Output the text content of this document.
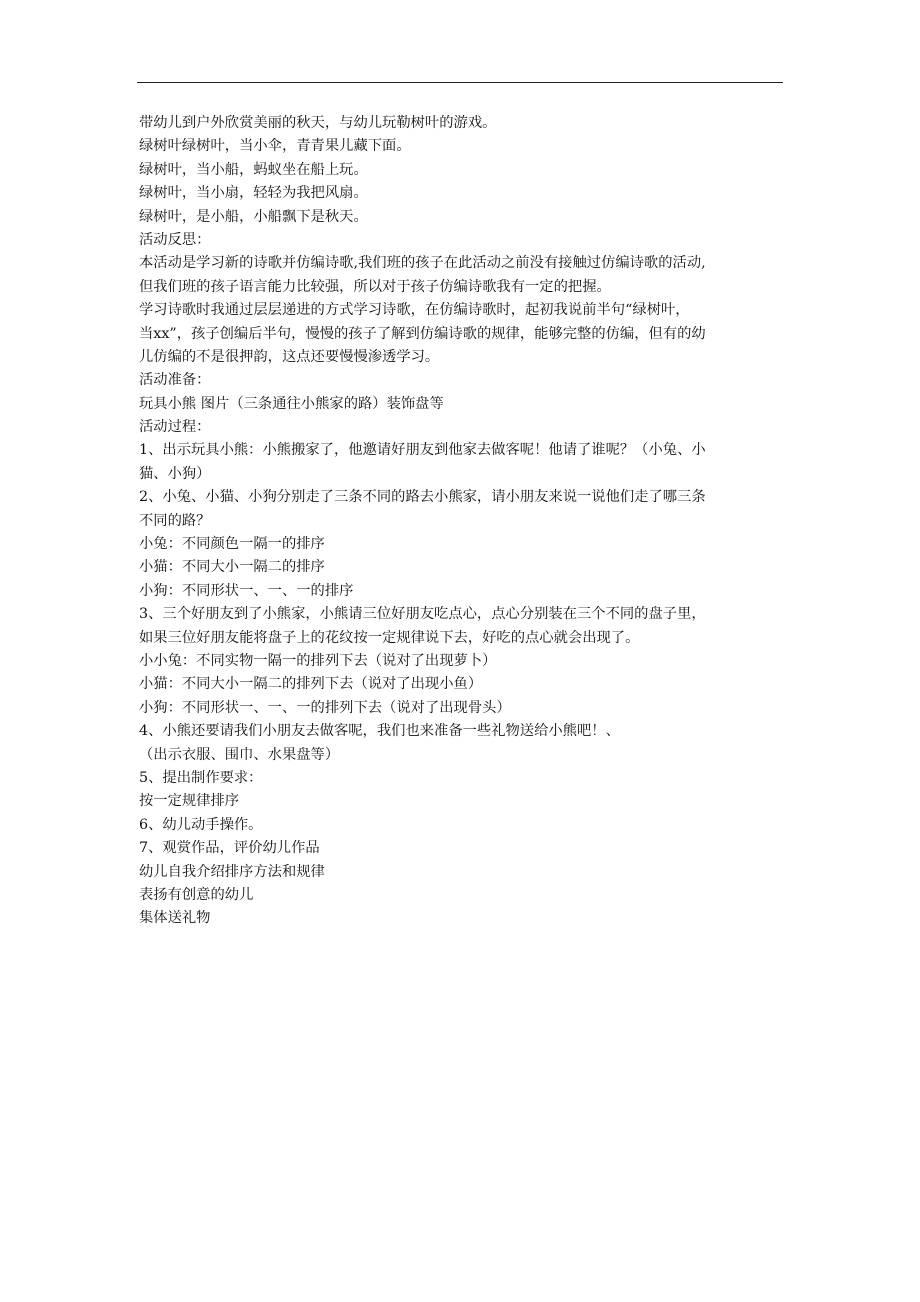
带幼儿到户外欣赏美丽的秋天，与幼儿玩勒树叶的游戏。
绿树叶绿树叶，当小伞，青青果儿藏下面。
绿树叶，当小船，蚂蚁坐在船上玩。
绿树叶，当小扇，轻轻为我把风扇。
绿树叶，是小船，小船飘下是秋天。
活动反思：
本活动是学习新的诗歌并仿编诗歌,我们班的孩子在此活动之前没有接触过仿编诗歌的活动,
但我们班的孩子语言能力比较强，所以对于孩子仿编诗歌我有一定的把握。
学习诗歌时我通过层层递进的方式学习诗歌，在仿编诗歌时，起初我说前半句“绿树叶，
当xx”，孩子创编后半句，慢慢的孩子了解到仿编诗歌的规律，能够完整的仿编，但有的幼
儿仿编的不是很押韵，这点还要慢慢渗透学习。
活动准备：
玩具小熊 图片（三条通往小熊家的路）装饰盘等
活动过程：
1、出示玩具小熊：小熊搬家了，他邀请好朋友到他家去做客呢！他请了谁呢？（小兔、小
猫、小狗）
2、小兔、小猫、小狗分别走了三条不同的路去小熊家，请小朋友来说一说他们走了哪三条
不同的路？
小兔：不同颜色一隔一的排序
小猫：不同大小一隔二的排序
小狗：不同形状一、一、一的排序
3、三个好朋友到了小熊家，小熊请三位好朋友吃点心，点心分别装在三个不同的盘子里，
如果三位好朋友能将盘子上的花纹按一定规律说下去，好吃的点心就会出现了。
小小兔：不同实物一隔一的排列下去（说对了出现萝卜）
小猫：不同大小一隔二的排列下去（说对了出现小鱼）
小狗：不同形状一、一、一的排列下去（说对了出现骨头）
4、小熊还要请我们小朋友去做客呢，我们也来准备一些礼物送给小熊吧！、
（出示衣服、围巾、水果盘等）
5、提出制作要求：
按一定规律排序
6、幼儿动手操作。
7、观赏作品，评价幼儿作品
幼儿自我介绍排序方法和规律
表扬有创意的幼儿
集体送礼物
